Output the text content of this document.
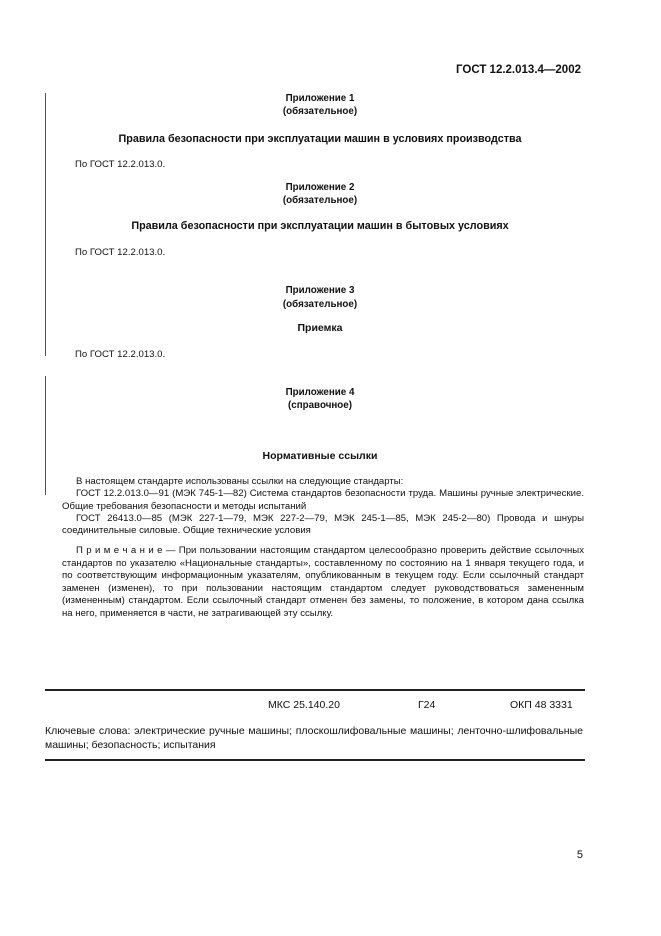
ГОСТ 12.2.013.4—2002
Приложение 1
(обязательное)
Правила безопасности при эксплуатации машин в условиях производства
По ГОСТ 12.2.013.0.
Приложение 2
(обязательное)
Правила безопасности при эксплуатации машин в бытовых условиях
По ГОСТ 12.2.013.0.
Приложение 3
(обязательное)
Приемка
По ГОСТ 12.2.013.0.
Приложение 4
(справочное)
Нормативные ссылки
В настоящем стандарте использованы ссылки на следующие стандарты:
ГОСТ 12.2.013.0—91 (МЭК 745-1—82) Система стандартов безопасности труда. Машины ручные электрические. Общие требования безопасности и методы испытаний
ГОСТ 26413.0—85 (МЭК 227-1—79, МЭК 227-2—79, МЭК 245-1—85, МЭК 245-2—80) Провода и шнуры соединительные силовые. Общие технические условия
П р и м е ч а н и е — При пользовании настоящим стандартом целесообразно проверить действие ссылочных стандартов по указателю «Национальные стандарты», составленному по состоянию на 1 января текущего года, и по соответствующим информационным указателям, опубликованным в текущем году. Если ссылочный стандарт заменен (изменен), то при пользовании настоящим стандартом следует руководствоваться замененным (измененным) стандартом. Если ссылочный стандарт отменен без замены, то положение, в котором дана ссылка на него, применяется в части, не затрагивающей эту ссылку.
МКС 25.140.20	Г24	ОКП 48 3331
Ключевые слова: электрические ручные машины; плоскошлифовальные машины; ленточно-шлифовальные машины; безопасность; испытания
5
